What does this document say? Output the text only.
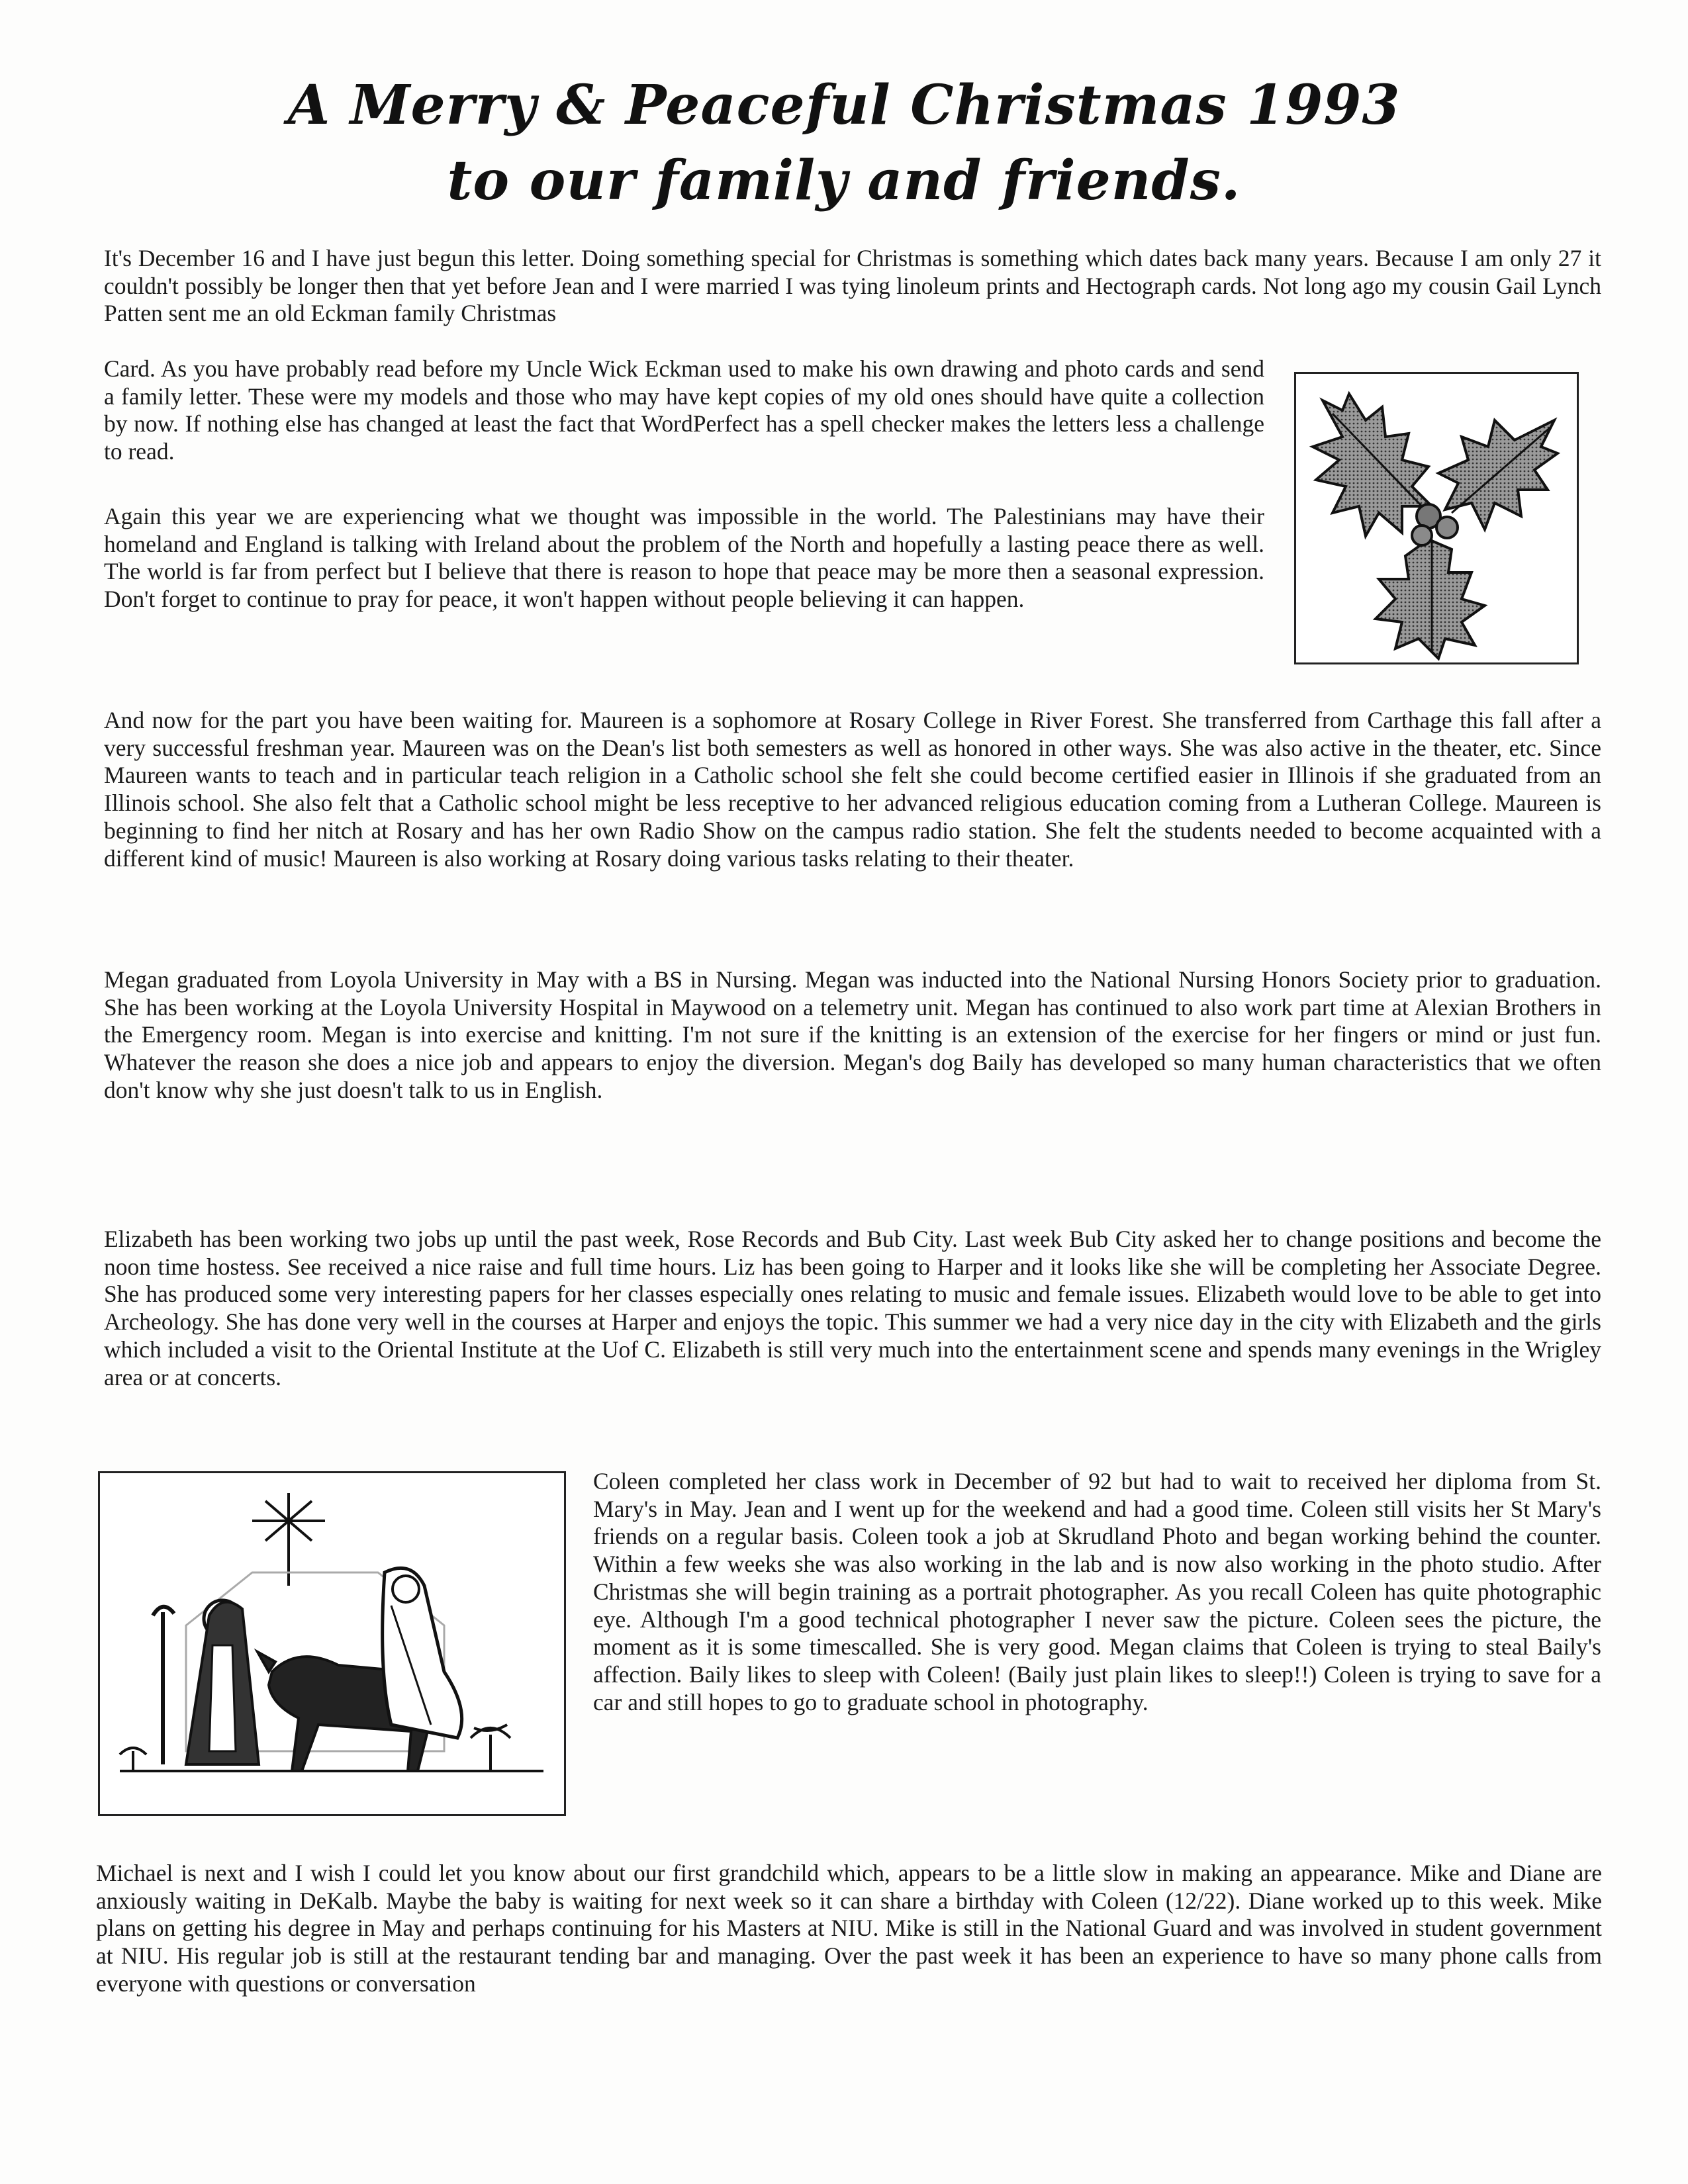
A Merry & Peaceful Christmas 1993
to our family and friends.

It's December 16 and I have just begun this letter. Doing something special for Christmas is something which dates back many years. Because I am only 27 it couldn't possibly be longer then that yet before Jean and I were married I was tying linoleum prints and Hectograph cards. Not long ago my cousin Gail Lynch Patten sent me an old Eckman family Christmas

Card. As you have probably read before my Uncle Wick Eckman used to make his own drawing and photo cards and send a family letter. These were my models and those who may have kept copies of my old ones should have quite a collection by now. If nothing else has changed at least the fact that WordPerfect has a spell checker makes the letters less a challenge to read.

Again this year we are experiencing what we thought was impossible in the world. The Palestinians may have their homeland and England is talking with Ireland about the problem of the North and hopefully a lasting peace there as well. The world is far from perfect but I believe that there is reason to hope that peace may be more then a seasonal expression. Don't forget to continue to pray for peace, it won't happen without people believing it can happen.

And now for the part you have been waiting for. Maureen is a sophomore at Rosary College in River Forest. She transferred from Carthage this fall after a very successful freshman year. Maureen was on the Dean's list both semesters as well as honored in other ways. She was also active in the theater, etc. Since Maureen wants to teach and in particular teach religion in a Catholic school she felt she could become certified easier in Illinois if she graduated from an Illinois school. She also felt that a Catholic school might be less receptive to her advanced religious education coming from a Lutheran College. Maureen is beginning to find her nitch at Rosary and has her own Radio Show on the campus radio station. She felt the students needed to become acquainted with a different kind of music! Maureen is also working at Rosary doing various tasks relating to their theater.

Megan graduated from Loyola University in May with a BS in Nursing. Megan was inducted into the National Nursing Honors Society prior to graduation. She has been working at the Loyola University Hospital in Maywood on a telemetry unit. Megan has continued to also work part time at Alexian Brothers in the Emergency room. Megan is into exercise and knitting. I'm not sure if the knitting is an extension of the exercise for her fingers or mind or just fun. Whatever the reason she does a nice job and appears to enjoy the diversion. Megan's dog Baily has developed so many human characteristics that we often don't know why she just doesn't talk to us in English.

Elizabeth has been working two jobs up until the past week, Rose Records and Bub City. Last week Bub City asked her to change positions and become the noon time hostess. See received a nice raise and full time hours. Liz has been going to Harper and it looks like she will be completing her Associate Degree. She has produced some very interesting papers for her classes especially ones relating to music and female issues. Elizabeth would love to be able to get into Archeology. She has done very well in the courses at Harper and enjoys the topic. This summer we had a very nice day in the city with Elizabeth and the girls which included a visit to the Oriental Institute at the Uof C. Elizabeth is still very much into the entertainment scene and spends many evenings in the Wrigley area or at concerts.

Coleen completed her class work in December of 92 but had to wait to received her diploma from St. Mary's in May. Jean and I went up for the weekend and had a good time. Coleen still visits her St Mary's friends on a regular basis. Coleen took a job at Skrudland Photo and began working behind the counter. Within a few weeks she was also working in the lab and is now also working in the photo studio. After Christmas she will begin training as a portrait photographer. As you recall Coleen has quite photographic eye. Although I'm a good technical photographer I never saw the picture. Coleen sees the picture, the moment as it is some timescalled. She is very good. Megan claims that Coleen is trying to steal Baily's affection. Baily likes to sleep with Coleen! (Baily just plain likes to sleep!!) Coleen is trying to save for a car and still hopes to go to graduate school in photography.

Michael is next and I wish I could let you know about our first grandchild which, appears to be a little slow in making an appearance. Mike and Diane are anxiously waiting in DeKalb. Maybe the baby is waiting for next week so it can share a birthday with Coleen (12/22). Diane worked up to this week. Mike plans on getting his degree in May and perhaps continuing for his Masters at NIU. Mike is still in the National Guard and was involved in student government at NIU. His regular job is still at the restaurant tending bar and managing. Over the past week it has been an experience to have so many phone calls from everyone with questions or conversation
